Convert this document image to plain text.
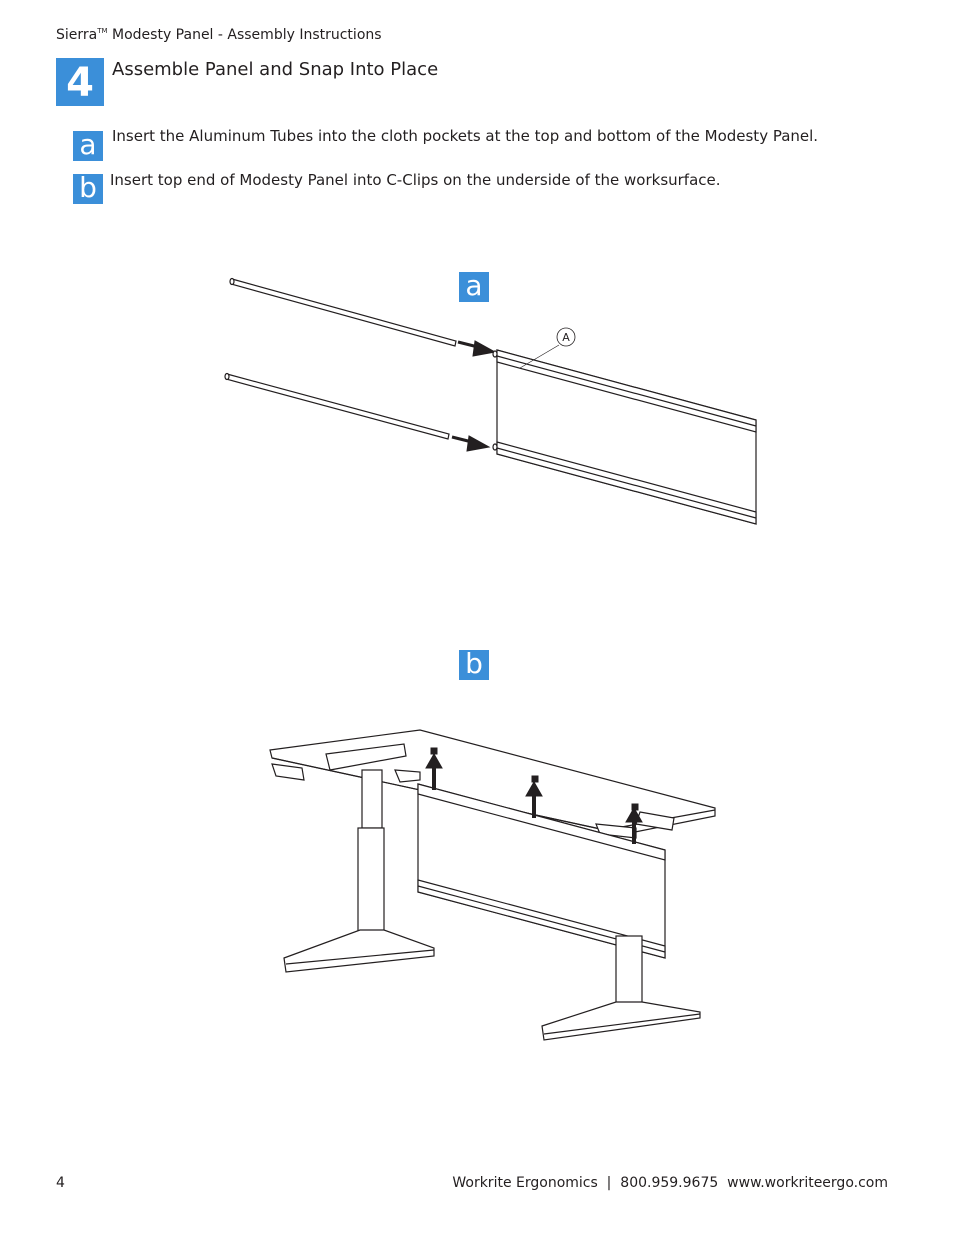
Sierra™ Modesty Panel - Assembly Instructions
4	Assemble Panel and Snap Into Place
a	Insert the Aluminum Tubes into the cloth pockets at the top and bottom of the Modesty Panel.
b Insert top end of Modesty Panel into C-Clips on the underside of the worksurface.
a
A
b
4	Workrite Ergonomics  |  800.959.9675  www.workriteergo.com
